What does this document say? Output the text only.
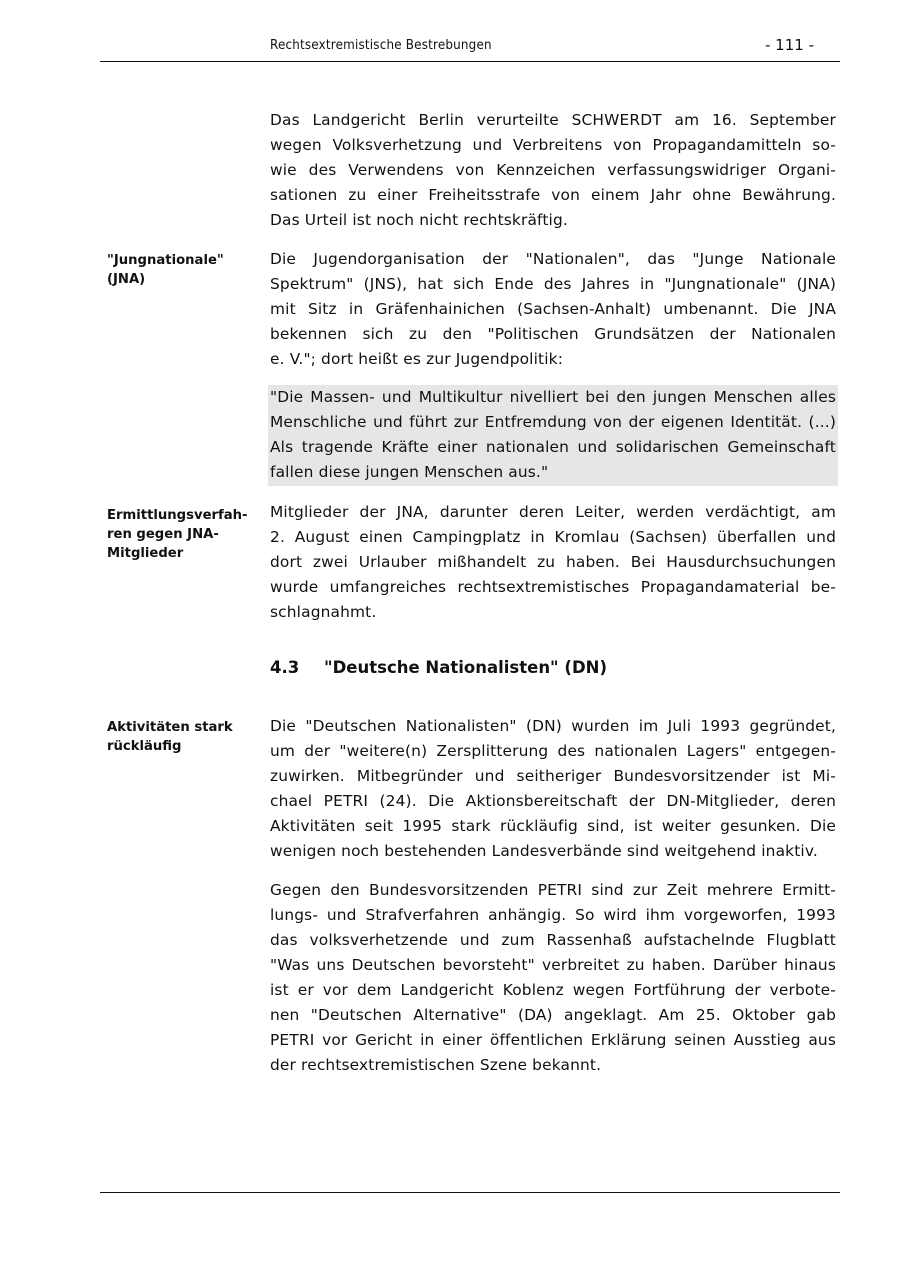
Rechtsextremistische Bestrebungen	- 111 -

Das Landgericht Berlin verurteilte SCHWERDT am 16. September
wegen Volksverhetzung und Verbreitens von Propagandamitteln so-
wie des Verwendens von Kennzeichen verfassungswidriger Organi-
sationen zu einer Freiheitsstrafe von einem Jahr ohne Bewährung.
Das Urteil ist noch nicht rechtskräftig.

"Jungnationale"
(JNA)

Die Jugendorganisation der "Nationalen", das "Junge Nationale
Spektrum" (JNS), hat sich Ende des Jahres in "Jungnationale" (JNA)
mit Sitz in Gräfenhainichen (Sachsen-Anhalt) umbenannt. Die JNA
bekennen sich zu den "Politischen Grundsätzen der Nationalen
e. V."; dort heißt es zur Jugendpolitik:

"Die Massen- und Multikultur nivelliert bei den jungen Menschen alles
Menschliche und führt zur Entfremdung von der eigenen Identität. (...)
Als tragende Kräfte einer nationalen und solidarischen Gemeinschaft
fallen diese jungen Menschen aus."

Ermittlungsverfah-
ren gegen JNA-
Mitglieder

Mitglieder der JNA, darunter deren Leiter, werden verdächtigt, am
2. August einen Campingplatz in Kromlau (Sachsen) überfallen und
dort zwei Urlauber mißhandelt zu haben. Bei Hausdurchsuchungen
wurde umfangreiches rechtsextremistisches Propagandamaterial be-
schlagnahmt.

4.3 "Deutsche Nationalisten" (DN)
Aktivitäten stark
rückläufig

Die "Deutschen Nationalisten" (DN) wurden im Juli 1993 gegründet,
um der "weitere(n) Zersplitterung des nationalen Lagers" entgegen-
zuwirken. Mitbegründer und seitheriger Bundesvorsitzender ist Mi-
chael PETRI (24). Die Aktionsbereitschaft der DN-Mitglieder, deren
Aktivitäten seit 1995 stark rückläufig sind, ist weiter gesunken. Die
wenigen noch bestehenden Landesverbände sind weitgehend inaktiv.

Gegen den Bundesvorsitzenden PETRI sind zur Zeit mehrere Ermitt-
lungs- und Strafverfahren anhängig. So wird ihm vorgeworfen, 1993
das volksverhetzende und zum Rassenhaß aufstachelnde Flugblatt
"Was uns Deutschen bevorsteht" verbreitet zu haben. Darüber hinaus
ist er vor dem Landgericht Koblenz wegen Fortführung der verbote-
nen "Deutschen Alternative" (DA) angeklagt. Am 25. Oktober gab
PETRI vor Gericht in einer öffentlichen Erklärung seinen Ausstieg aus
der rechtsextremistischen Szene bekannt.
